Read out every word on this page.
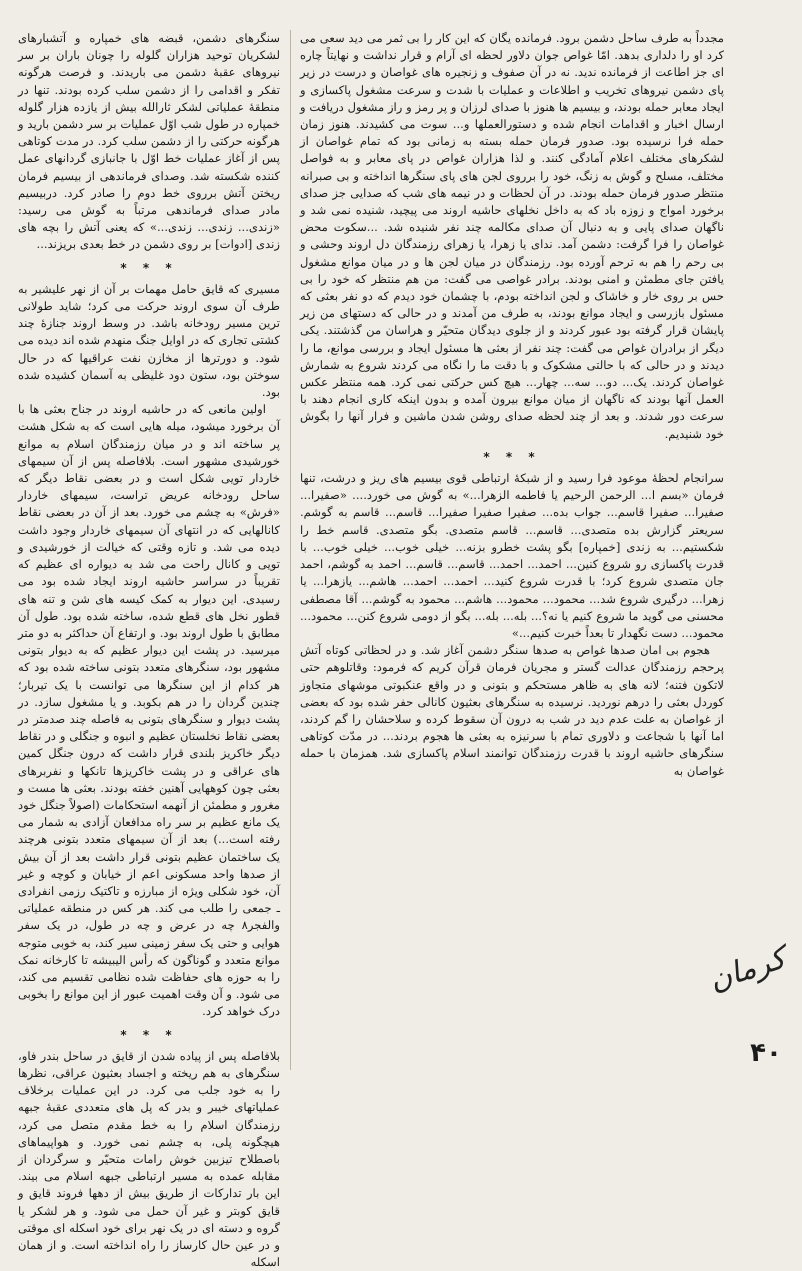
مجدداً به طرف ساحل دشمن برود. فرمانده یگان که این کار را بی ثمر می دید سعی می کرد او را دلداری بدهد. امّا غواص جوان دلاور لحظه ای آرام و قرار نداشت و نهایتاً چاره ای جز اطاعت از فرمانده ندید. نه در آن صفوف و زنجیره های غواصان و درست در زیر پای دشمن نیروهای تخریب و اطلاعات و عملیات با شدت و سرعت مشغول پاکسازی و ایجاد معابر حمله بودند، و بیسیم ها هنوز با صدای لرزان و پر رمز و راز مشغول دریافت و ارسال اخبار و اقدامات انجام شده و دستورالعملها و... سوت می کشیدند. هنوز زمان حمله فرا نرسیده بود. صدور فرمان حمله بسته به زمانی بود که تمام غواصان از لشکرهای مختلف اعلام آمادگی کنند. و لذا هزاران غواص در پای معابر و به فواصل مختلف، مسلح و گوش به زنگ، خود را برروی لجن های پای سنگرها انداخته و بی صبرانه منتظر صدور فرمان حمله بودند. در آن لحظات و در نیمه های شب که صدایی جز صدای برخورد امواج و زوزه باد که به داخل نخلهای حاشیه اروند می پیچید، شنیده نمی شد و ناگهان صدای پایی و به دنبال آن صدای مکالمه چند نفر شنیده شد. ...سکوت محض غواصان را فرا گرفت: دشمن آمد. ندای یا زهرا، یا زهرای رزمندگان دل اروند وحشی و بی رحم را هم به ترحم آورده بود. رزمندگان در میان لجن ها و در میان موانع مشغول یافتن جای مطمئن و امنی بودند. برادر غواصی می گفت: من هم منتظر که خود را بی حس بر روی خار و خاشاک و لجن انداخته بودم، با چشمان خود دیدم که دو نفر بعثی که مسئول بازرسی و ایجاد موانع بودند، به طرف من آمدند و در حالی که دستهای من زیر پایشان قرار گرفته بود عبور کردند و از جلوی دیدگان متحیّر و هراسان من گذشتند. یکی دیگر از برادران غواص می گفت: چند نفر از بعثی ها مسئول ایجاد و بررسی موانع، ما را دیدند و در حالی که با حالتی مشکوک و با دقت ما را نگاه می کردند شروع به شمارش غواصان کردند. یک... دو... سه... چهار... هیچ کس حرکتی نمی کرد. همه منتظر عکس العمل آنها بودند که ناگهان از میان موانع بیرون آمده و بدون اینکه کاری انجام دهند با سرعت دور شدند. و بعد از چند لحظه صدای روشن شدن ماشین و فرار آنها را بگوش خود شنیدیم.

* * *

سرانجام لحظهٔ موعود فرا رسید و از شبکهٔ ارتباطی قوی بیسیم های ریز و درشت، تنها فرمان «بسم ا... الرحمن الرحیم یا فاطمه الزهرا...» به گوش می خورد.... «صفیرا... صفیرا... صفیرا قاسم... جواب بده... صفیرا صفیرا صفیرا... قاسم... قاسم به گوشم. سریعتر گزارش بده متصدی... قاسم... قاسم متصدی. بگو متصدی. قاسم خط را شکستیم... به زندی [خمپاره] بگو پشت خطرو بزنه... خیلی خوب... خیلی خوب... با قدرت پاکسازی رو شروع کنین... احمد... احمد... قاسم... قاسم... احمد به گوشم، احمد جان متصدی شروع کرد؛ با قدرت شروع کنید... احمد... احمد... هاشم... یازهرا... یا زهرا... درگیری شروع شد... محمود... محمود... هاشم... محمود به گوشم... آقا مصطفی محسنی می گوید ما شروع کنیم یا نه؟... بله... بله... بگو از دومی شروع کنن... محمود... محمود... دست نگهدار تا بعداً خبرت کنیم...»

هجوم بی امان صدها غواص به صدها سنگر دشمن آغاز شد. و در لحظاتی کوتاه آتش پرحجم رزمندگان عدالت گستر و مجریان فرمان قرآن کریم که فرمود: وقاتلوهم حتی لاتکون فتنه؛ لانه های به ظاهر مستحکم و بتونی و در واقع عنکبوتی موشهای متجاوز کوردل بعثی را درهم نوردید. نرسیده به سنگرهای بعثیون کانالی حفر شده بود که بعضی از غواصان به علت عدم دید در شب به درون آن سقوط کرده و سلاحشان را گم کردند، اما آنها با شجاعت و دلاوری تمام با سرنیزه به بعثی ها هجوم بردند... در مدّت کوتاهی سنگرهای حاشیه اروند با قدرت رزمندگان توانمند اسلام پاکسازی شد. همزمان با حمله غواصان به

سنگرهای دشمن، قبضه های خمپاره و آتشبارهای لشکریان توحید هزاران گلوله را چونان باران بر سر نیروهای عقبهٔ دشمن می باریدند. و فرصت هرگونه تفکر و اقدامی را از دشمن سلب کرده بودند. تنها در منطقهٔ عملیاتی لشکر ثارالله بیش از یازده هزار گلوله خمپاره در طول شب اوّل عملیات بر سر دشمن بارید و هرگونه حرکتی را از دشمن سلب کرد. در مدت کوتاهی پس از آغاز عملیات خط اوّل با جانبازی گردانهای عمل کننده شکسته شد. وصدای فرماندهی از بیسیم فرمان ریختن آتش برروی خط دوم را صادر کرد. دربیسیم مادر صدای فرماندهی مرتباً به گوش می رسید: «زندی... زندی... زندی...» که یعنی آتش را بچه های زندی [ادوات] بر روی دشمن در خط بعدی بریزند...

* * *

مسیری که قایق حامل مهمات بر آن از نهر علیشیر به طرف آن سوی اروند حرکت می کرد؛ شاید طولانی ترین مسیر رودخانه باشد. در وسط اروند جنازهٔ چند کشتی تجاری که در اوایل جنگ منهدم شده اند دیده می شود. و دورترها از مخازن نفت عراقیها که در حال سوختن بود، ستون دود غلیظی به آسمان کشیده شده بود.

اولین مانعی که در حاشیه اروند در جناح بعثی ها با آن برخورد میشود، میله هایی است که به شکل هشت پر ساخته اند و در میان رزمندگان اسلام به موانع خورشیدی مشهور است. بلافاصله پس از آن سیمهای خاردار تویی شکل است و در بعضی نقاط دیگر که ساحل رودخانه عریض تراست، سیمهای خاردار «فرش» به چشم می خورد. بعد از آن در بعضی نقاط کانالهایی که در انتهای آن سیمهای خاردار وجود داشت دیده می شد. و تازه وقتی که خیالت از خورشیدی و تویی و کانال راحت می شد به دیواره ای عظیم که تقریباً در سراسر حاشیه اروند ایجاد شده بود می رسیدی. این دیوار به کمک کیسه های شن و تنه های قطور نخل های قطع شده، ساخته شده بود. طول آن مطابق با طول اروند بود. و ارتفاع آن حداکثر به دو متر میرسید. در پشت این دیوار عظیم که به دیوار بتونی مشهور بود، سنگرهای متعدد بتونی ساخته شده بود که هر کدام از این سنگرها می توانست با یک تیربار؛ چندین گردان را در هم بکوبد. و یا مشغول سازد. در پشت دیوار و سنگرهای بتونی به فاصله چند صدمتر در بعضی نقاط نخلستان عظیم و انبوه و جنگلی و در نقاط دیگر خاکریز بلندی قرار داشت که درون جنگل کمین های عراقی و در پشت خاکریزها تانکها و نفربرهای بعثی چون کوههایی آهنین خفته بودند. بعثی ها مست و مغرور و مطمئن از آنهمه استحکامات (اصولاً جنگل خود یک مانع عظیم بر سر راه مدافعان آزادی به شمار می رفته است...) بعد از آن سیمهای متعدد بتونی هرچند یک ساختمان عظیم بتونی قرار داشت بعد از آن بیش از صدها واحد مسکونی اعم از خیابان و کوچه و غیر آن، خود شکلی ویژه از مبارزه و تاکتیک رزمی انفرادی ـ جمعی را طلب می کند. هر کس در منطقه عملیاتی والفجر۸ چه در عرض و چه در طول، در یک سفر هوایی و حتی یک سفر زمینی سیر کند، به خوبی متوجه موانع متعدد و گوناگون که رأس الیبیشه تا کارخانه نمک را به حوزه های حفاظت شده نظامی تقسیم می کند، می شود. و آن وقت اهمیت عبور از این موانع را بخوبی درک خواهد کرد.

* * *

بلافاصله پس از پیاده شدن از قایق در ساحل بندر فاو، سنگرهای به هم ریخته و اجساد بعثیون عراقی، نظرها را به خود جلب می کرد. در این عملیات برخلاف عملیاتهای خیبر و بدر که پل های متعددی عقبهٔ جبهه رزمندگان اسلام را به خط مقدم متصل می کرد، هیچگونه پلی، به چشم نمی خورد. و هواپیماهای باصطلاح تیزبین خوش رامات متحیّر و سرگردان از مقابله عمده به مسیر ارتباطی جبهه اسلام می بیند. این بار تدارکات از طریق بیش از دهها فروند قایق و قایق کوبتر و غیر آن حمل می شود. و هر لشکر یا گروه و دسته ای در یک نهر برای خود اسکله ای موقتی و در عین حال کارساز را راه انداخته است. و از همان اسکله

کرمان
۴۰
